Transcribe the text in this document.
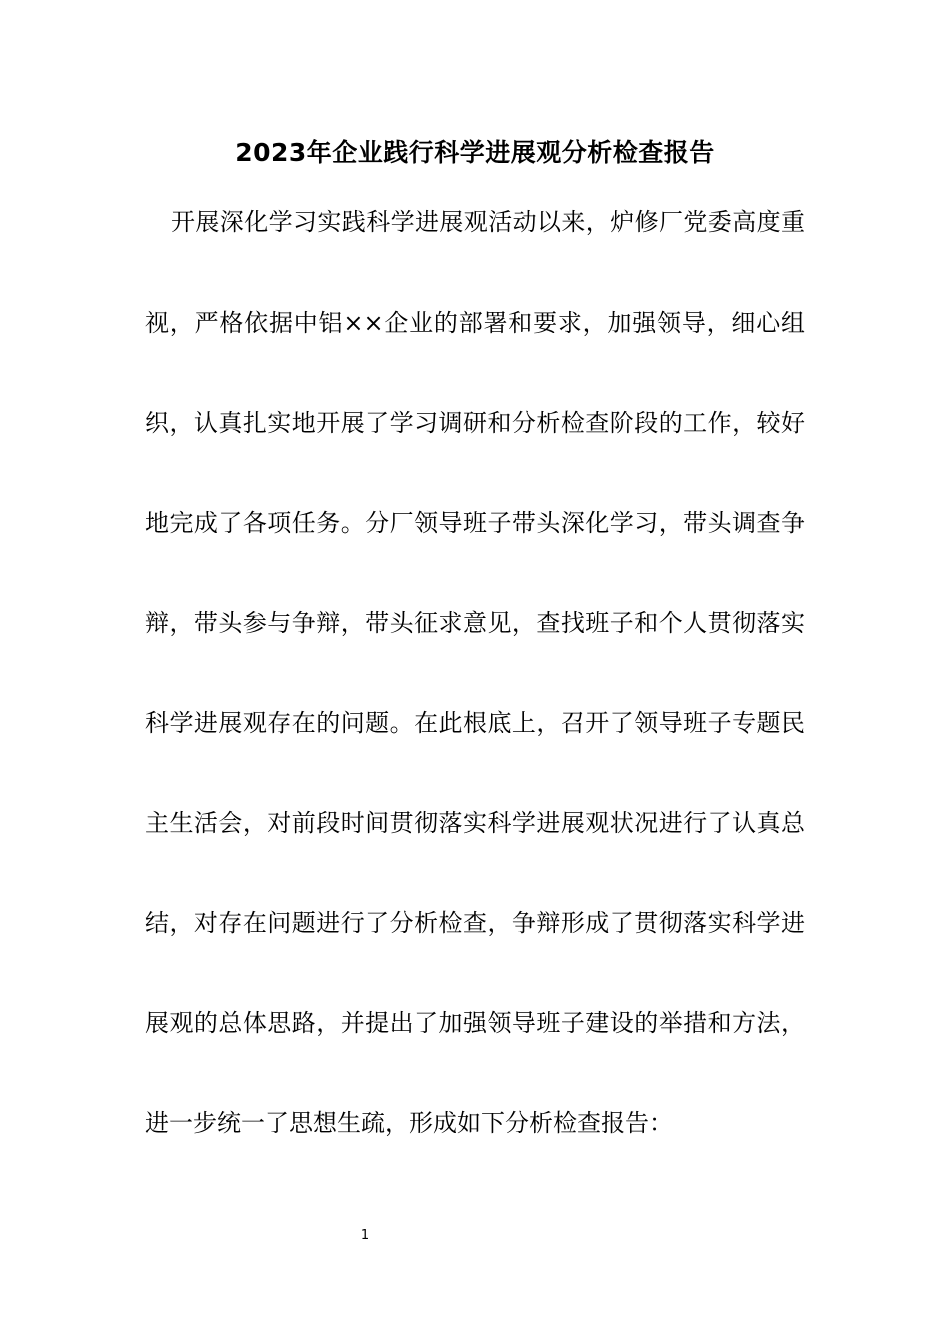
2023年企业践行科学进展观分析检查报告
开展深化学习实践科学进展观活动以来，炉修厂党委高度重
视，严格依据中铝××企业的部署和要求，加强领导，细心组
织，认真扎实地开展了学习调研和分析检查阶段的工作，较好
地完成了各项任务。分厂领导班子带头深化学习，带头调查争
辩，带头参与争辩，带头征求意见，查找班子和个人贯彻落实
科学进展观存在的问题。在此根底上，召开了领导班子专题民
主生活会，对前段时间贯彻落实科学进展观状况进行了认真总
结，对存在问题进行了分析检查，争辩形成了贯彻落实科学进
展观的总体思路，并提出了加强领导班子建设的举措和方法，
进一步统一了思想生疏，形成如下分析检查报告：
1
